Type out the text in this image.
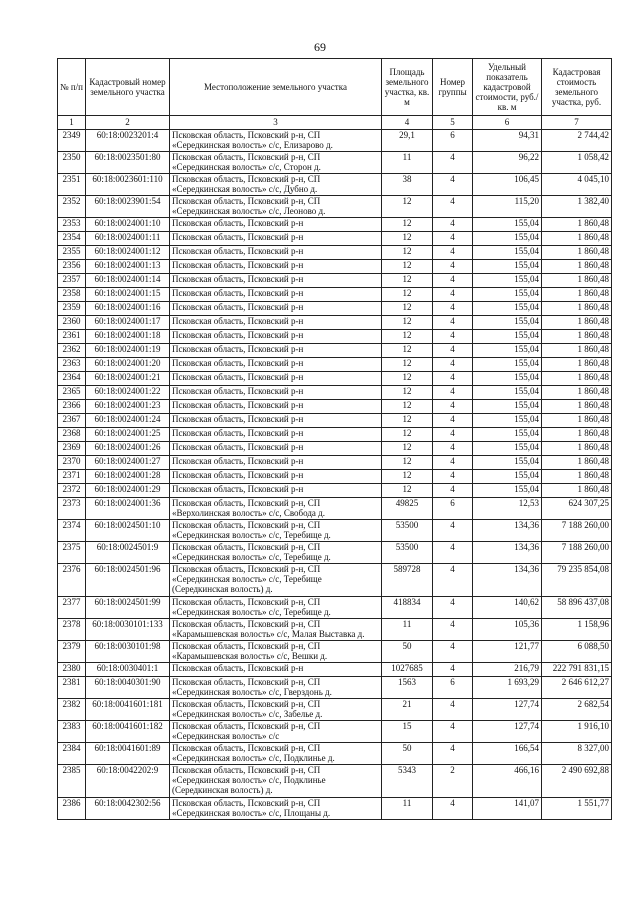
69
№ п/п	Кадастровый номер земельного участка	Местоположение земельного участка	Площадь земельного участка, кв. м	Номер группы	Удельный показатель кадастровой стоимости, руб./кв. м	Кадастровая стоимость земельного участка, руб.
1	2	3	4	5	6	7
2349	60:18:0023201:4	Псковская область, Псковский р-н, СП «Середкинская волость» с/с, Елизарово д.	29,1	6	94,31	2 744,42
2350	60:18:0023501:80	Псковская область, Псковский р-н, СП «Середкинская волость» с/с, Сторон д.	11	4	96,22	1 058,42
2351	60:18:0023601:110	Псковская область, Псковский р-н, СП «Середкинская волость» с/с, Дубно д.	38	4	106,45	4 045,10
2352	60:18:0023901:54	Псковская область, Псковский р-н, СП «Середкинская волость» с/с, Леоново д.	12	4	115,20	1 382,40
2353	60:18:0024001:10	Псковская область, Псковский р-н	12	4	155,04	1 860,48
2354	60:18:0024001:11	Псковская область, Псковский р-н	12	4	155,04	1 860,48
2355	60:18:0024001:12	Псковская область, Псковский р-н	12	4	155,04	1 860,48
2356	60:18:0024001:13	Псковская область, Псковский р-н	12	4	155,04	1 860,48
2357	60:18:0024001:14	Псковская область, Псковский р-н	12	4	155,04	1 860,48
2358	60:18:0024001:15	Псковская область, Псковский р-н	12	4	155,04	1 860,48
2359	60:18:0024001:16	Псковская область, Псковский р-н	12	4	155,04	1 860,48
2360	60:18:0024001:17	Псковская область, Псковский р-н	12	4	155,04	1 860,48
2361	60:18:0024001:18	Псковская область, Псковский р-н	12	4	155,04	1 860,48
2362	60:18:0024001:19	Псковская область, Псковский р-н	12	4	155,04	1 860,48
2363	60:18:0024001:20	Псковская область, Псковский р-н	12	4	155,04	1 860,48
2364	60:18:0024001:21	Псковская область, Псковский р-н	12	4	155,04	1 860,48
2365	60:18:0024001:22	Псковская область, Псковский р-н	12	4	155,04	1 860,48
2366	60:18:0024001:23	Псковская область, Псковский р-н	12	4	155,04	1 860,48
2367	60:18:0024001:24	Псковская область, Псковский р-н	12	4	155,04	1 860,48
2368	60:18:0024001:25	Псковская область, Псковский р-н	12	4	155,04	1 860,48
2369	60:18:0024001:26	Псковская область, Псковский р-н	12	4	155,04	1 860,48
2370	60:18:0024001:27	Псковская область, Псковский р-н	12	4	155,04	1 860,48
2371	60:18:0024001:28	Псковская область, Псковский р-н	12	4	155,04	1 860,48
2372	60:18:0024001:29	Псковская область, Псковский р-н	12	4	155,04	1 860,48
2373	60:18:0024001:36	Псковская область, Псковский р-н, СП «Верхолинская волость» с/с, Свобода д.	49825	6	12,53	624 307,25
2374	60:18:0024501:10	Псковская область, Псковский р-н, СП «Середкинская волость» с/с, Теребище д.	53500	4	134,36	7 188 260,00
2375	60:18:0024501:9	Псковская область, Псковский р-н, СП «Середкинская волость» с/с, Теребище д.	53500	4	134,36	7 188 260,00
2376	60:18:0024501:96	Псковская область, Псковский р-н, СП «Середкинская волость» с/с, Теребище (Середкинская волость) д.	589728	4	134,36	79 235 854,08
2377	60:18:0024501:99	Псковская область, Псковский р-н, СП «Середкинская волость» с/с, Теребище д.	418834	4	140,62	58 896 437,08
2378	60:18:0030101:133	Псковская область, Псковский р-н, СП «Карамышевская волость» с/с, Малая Выставка д.	11	4	105,36	1 158,96
2379	60:18:0030101:98	Псковская область, Псковский р-н, СП «Карамышевская волость» с/с, Вешки д.	50	4	121,77	6 088,50
2380	60:18:0030401:1	Псковская область, Псковский р-н	1027685	4	216,79	222 791 831,15
2381	60:18:0040301:90	Псковская область, Псковский р-н, СП «Середкинская волость» с/с, Гверздонь д.	1563	6	1 693,29	2 646 612,27
2382	60:18:0041601:181	Псковская область, Псковский р-н, СП «Середкинская волость» с/с, Забелье д.	21	4	127,74	2 682,54
2383	60:18:0041601:182	Псковская область, Псковский р-н, СП «Середкинская волость» с/с	15	4	127,74	1 916,10
2384	60:18:0041601:89	Псковская область, Псковский р-н, СП «Середкинская волость» с/с, Подклинье д.	50	4	166,54	8 327,00
2385	60:18:0042202:9	Псковская область, Псковский р-н, СП «Середкинская волость» с/с, Подклинье (Середкинская волость) д.	5343	2	466,16	2 490 692,88
2386	60:18:0042302:56	Псковская область, Псковский р-н, СП «Середкинская волость» с/с, Площаны д.	11	4	141,07	1 551,77
